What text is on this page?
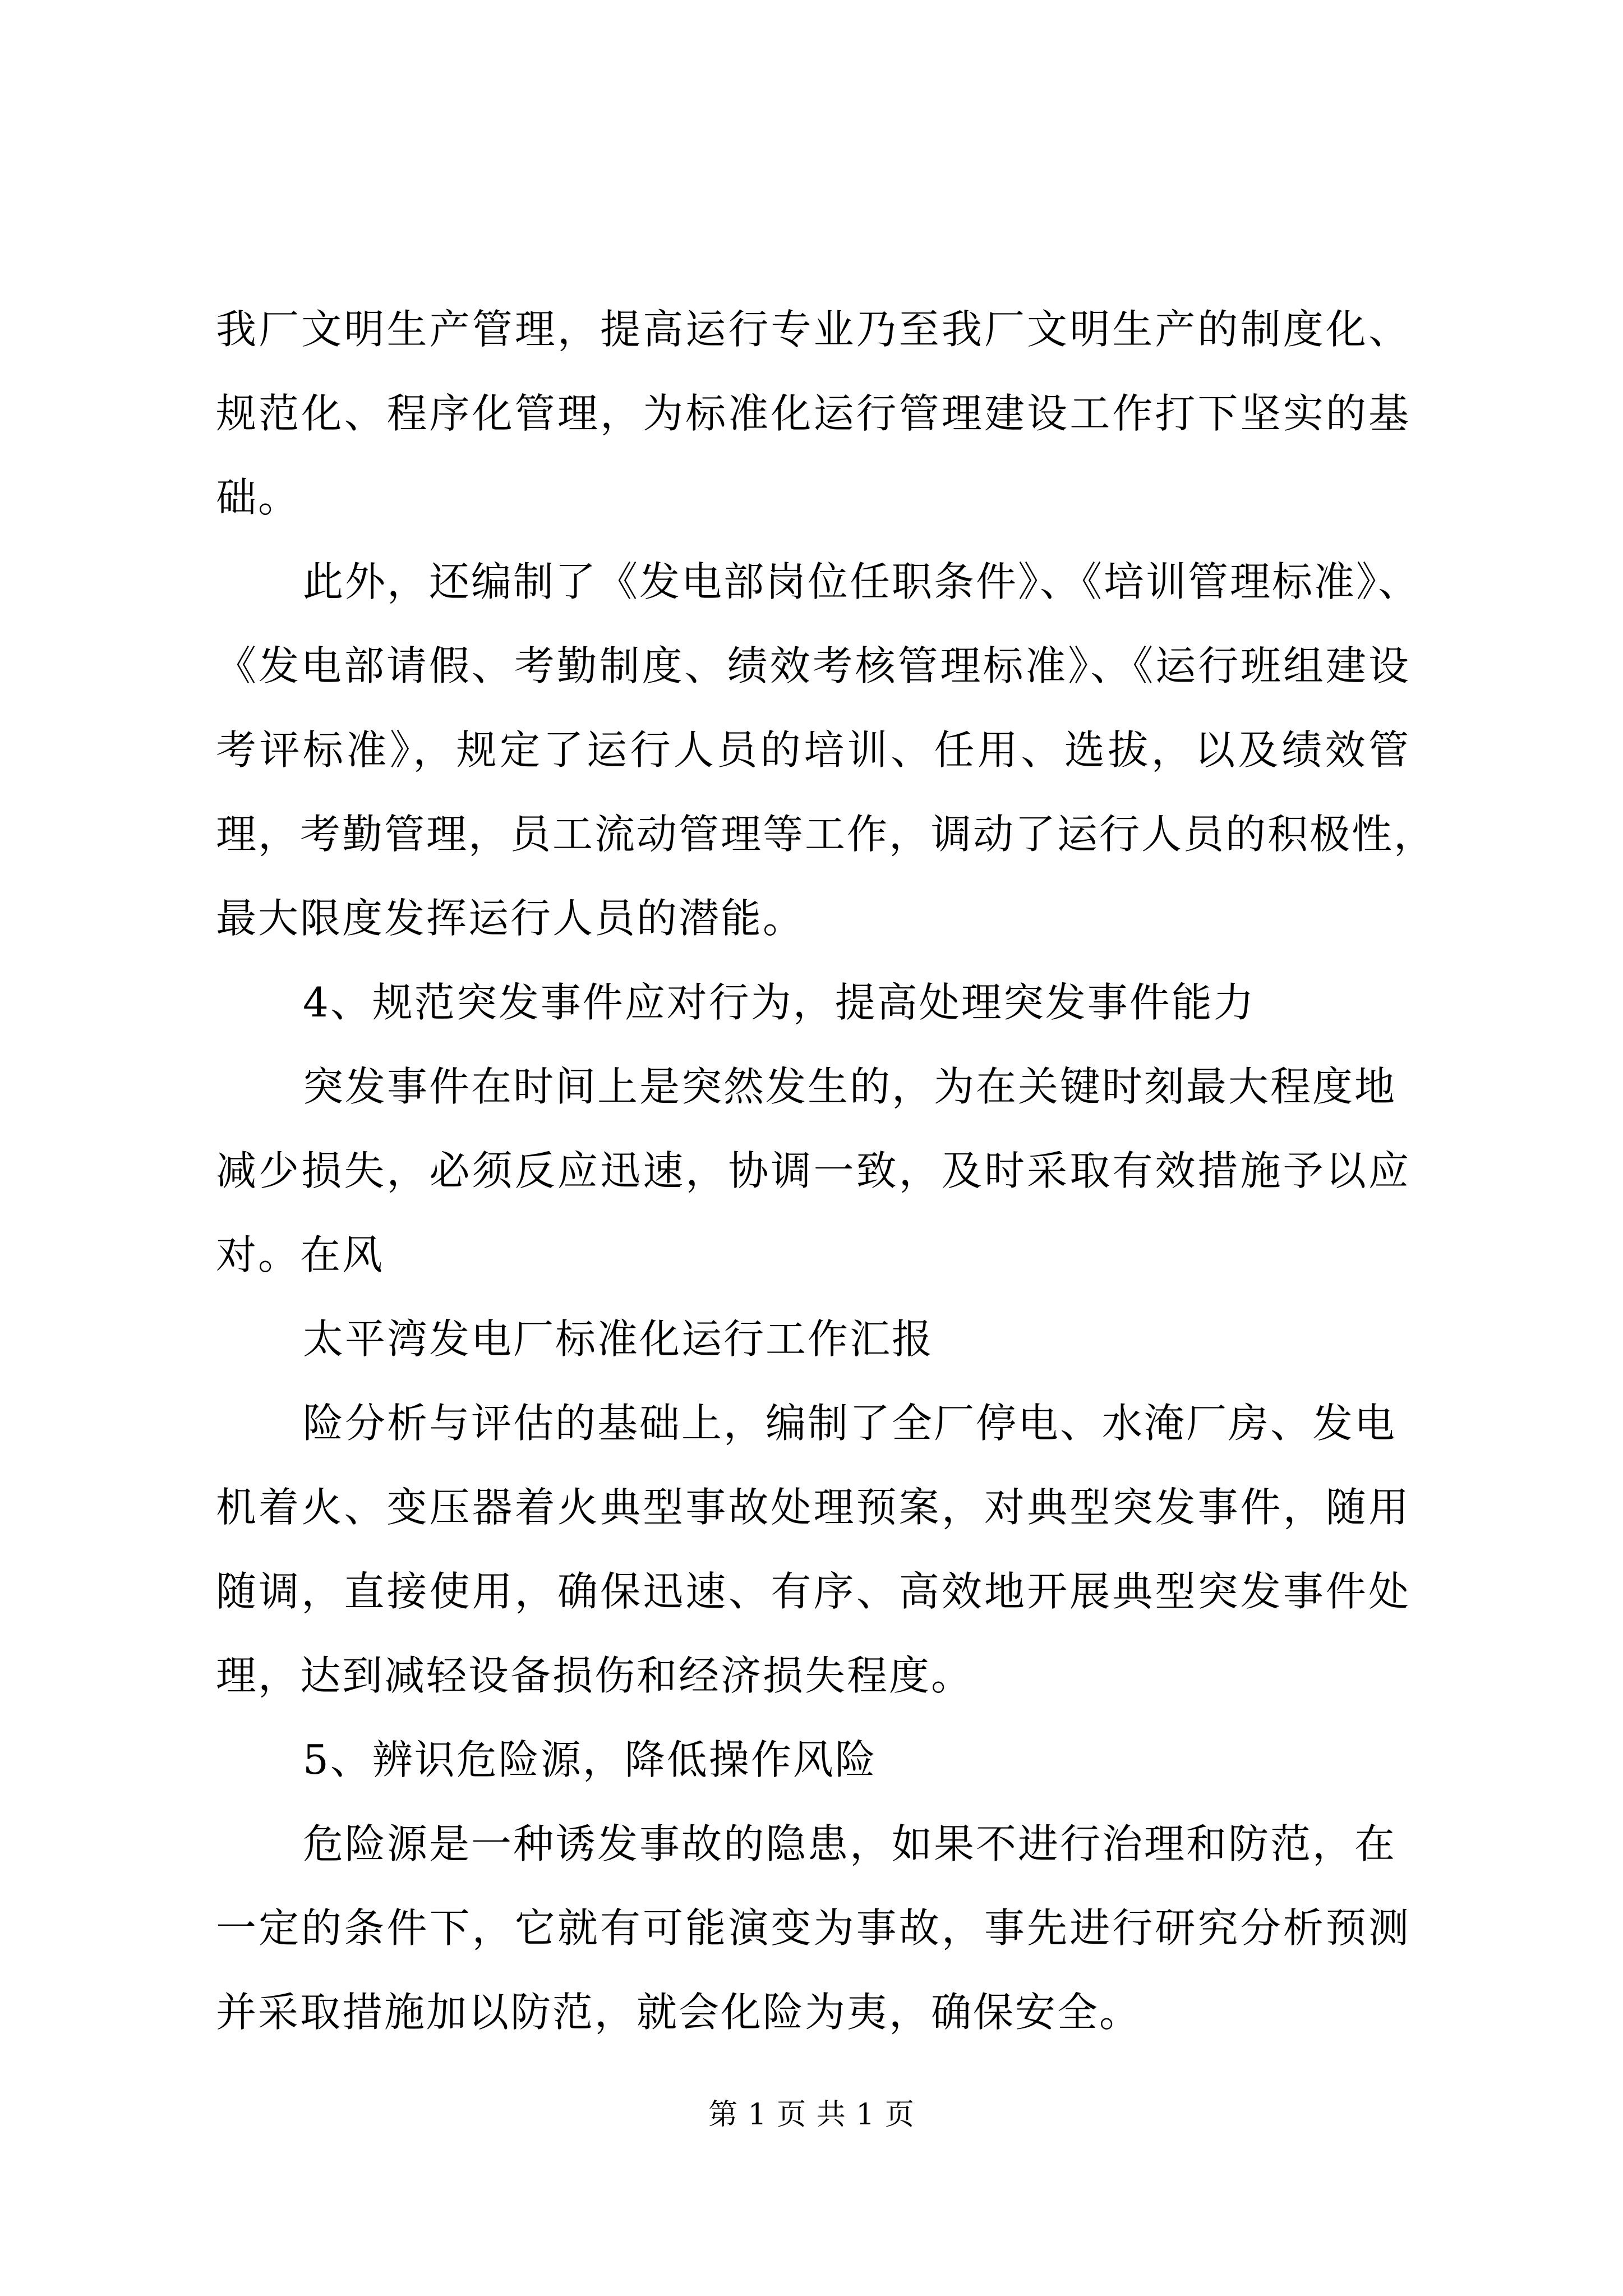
我厂文明生产管理，提高运行专业乃至我厂文明生产的制度化、
规范化、程序化管理，为标准化运行管理建设工作打下坚实的基
础。
此外，还编制了《发电部岗位任职条件》、《培训管理标准》、
《发电部请假、考勤制度、绩效考核管理标准》、《运行班组建设
考评标准》，规定了运行人员的培训、任用、选拔，以及绩效管
理，考勤管理，员工流动管理等工作，调动了运行人员的积极性，
最大限度发挥运行人员的潜能。
4、规范突发事件应对行为，提高处理突发事件能力
突发事件在时间上是突然发生的，为在关键时刻最大程度地
减少损失，必须反应迅速，协调一致，及时采取有效措施予以应
对。在风
太平湾发电厂标准化运行工作汇报
险分析与评估的基础上，编制了全厂停电、水淹厂房、发电
机着火、变压器着火典型事故处理预案，对典型突发事件，随用
随调，直接使用，确保迅速、有序、高效地开展典型突发事件处
理，达到减轻设备损伤和经济损失程度。
5、辨识危险源，降低操作风险
危险源是一种诱发事故的隐患，如果不进行治理和防范，在
一定的条件下，它就有可能演变为事故，事先进行研究分析预测
并采取措施加以防范，就会化险为夷，确保安全。
第 1 页 共 1 页
